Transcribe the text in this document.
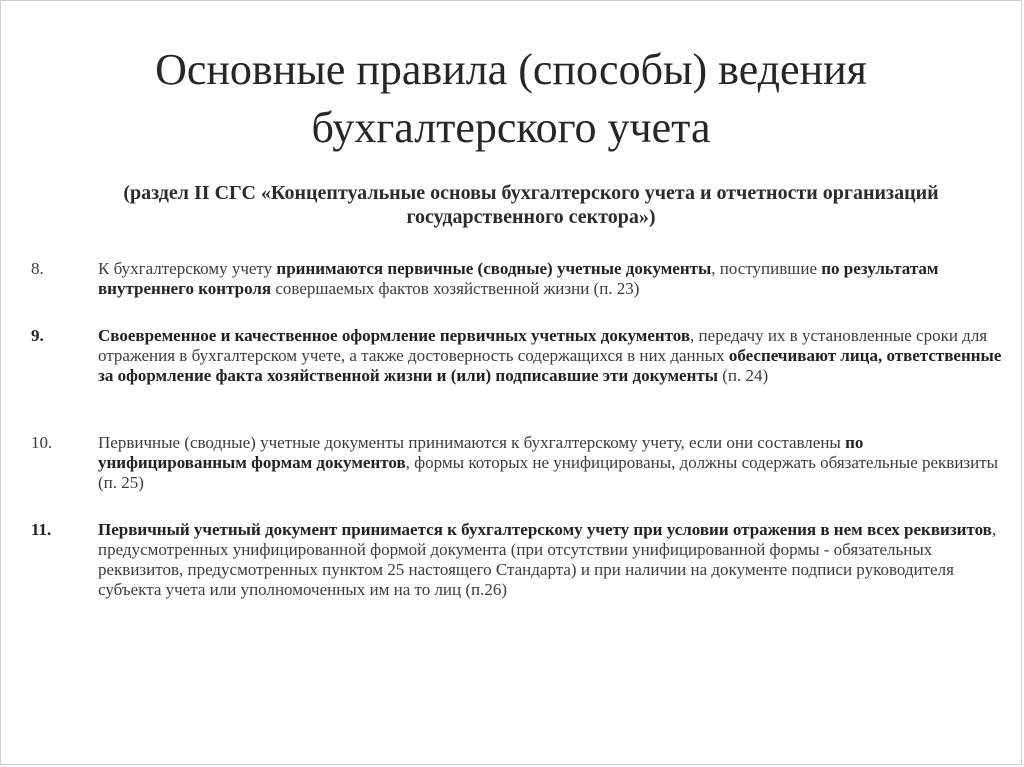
Основные правила (способы) ведения
бухгалтерского учета
(раздел II СГС «Концептуальные основы бухгалтерского учета и отчетности организаций
государственного сектора»)
8.	К бухгалтерскому учету принимаются первичные (сводные) учетные документы, поступившие по результатам внутреннего контроля совершаемых фактов хозяйственной жизни (п. 23)
9.	Своевременное и качественное оформление первичных учетных документов, передачу их в установленные сроки для отражения в бухгалтерском учете, а также достоверность содержащихся в них данных обеспечивают лица, ответственные за оформление факта хозяйственной жизни и (или) подписавшие эти документы (п. 24)
10.	Первичные (сводные) учетные документы принимаются к бухгалтерскому учету, если они составлены по унифицированным формам документов, формы которых не унифицированы, должны содержать обязательные реквизиты (п. 25)
11.	Первичный учетный документ принимается к бухгалтерскому учету при условии отражения в нем всех реквизитов, предусмотренных унифицированной формой документа (при отсутствии унифицированной формы - обязательных реквизитов, предусмотренных пунктом 25 настоящего Стандарта) и при наличии на документе подписи руководителя субъекта учета или уполномоченных им на то лиц (п.26)
